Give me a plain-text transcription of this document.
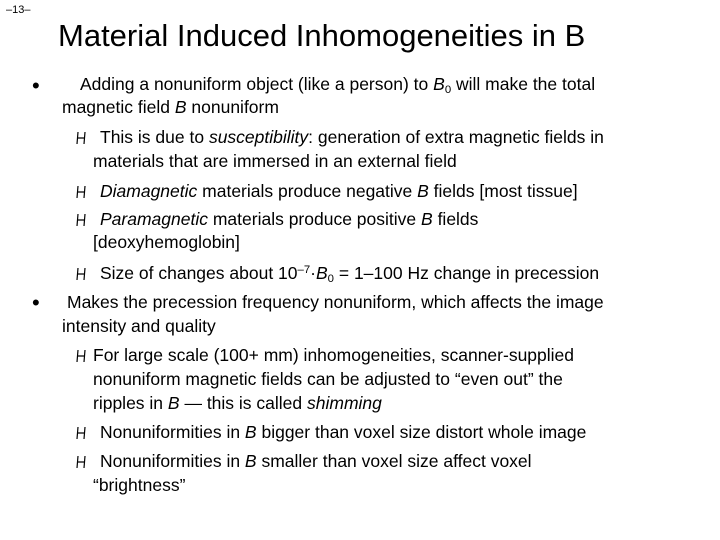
–13–
Material Induced Inhomogeneities in B
• Adding a nonuniform object (like a person) to $B_0$ will make the total
magnetic field B nonuniform
This is due to susceptibility: generation of extra magnetic fields in
materials that are immersed in an external field
Diamagnetic materials produce negative B fields [most tissue]
Paramagnetic materials produce positive B fields
[deoxyhemoglobin]
Size of changes about $10^{-7}\cdot B_0 = 1-100$ Hz change in precession
• Makes the precession frequency nonuniform, which affects the image
intensity and quality
For large scale (100+ mm) inhomogeneities, scanner-supplied
nonuniform magnetic fields can be adjusted to “even out” the
ripples in B — this is called shimming
Nonuniformities in B bigger than voxel size distort whole image
Nonuniformities in B smaller than voxel size affect voxel
“brightness”
